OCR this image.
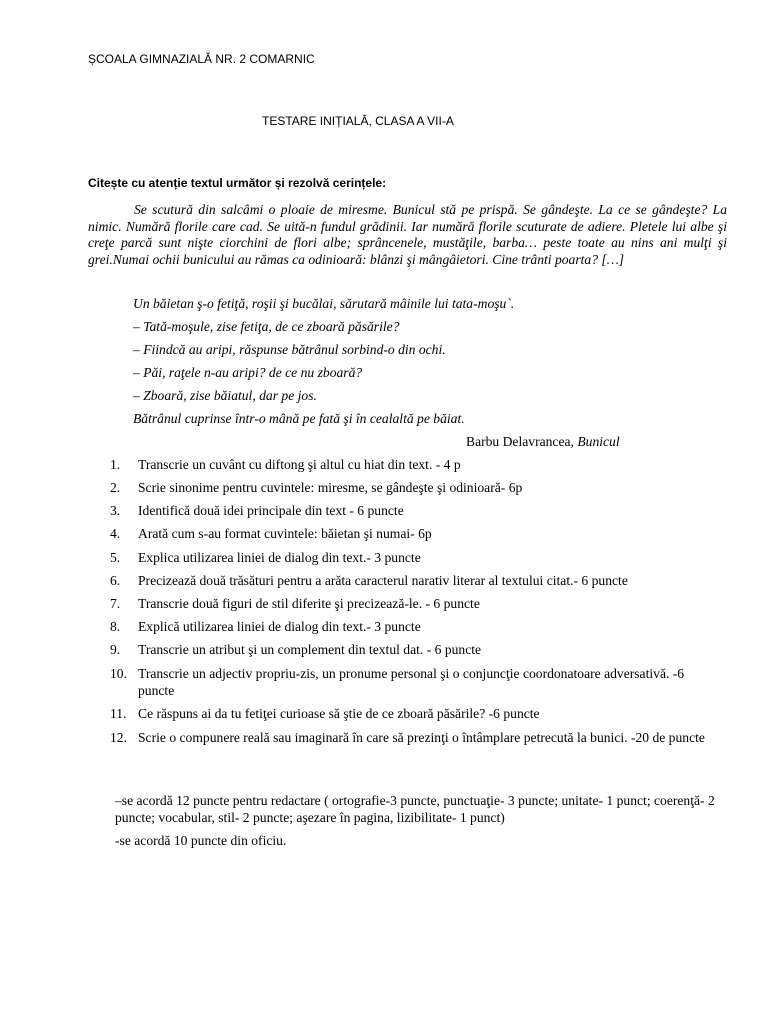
ȘCOALA GIMNAZIALĂ NR. 2 COMARNIC
TESTARE INIȚIALĂ, CLASA A VII-A
Citește cu atenție textul următor și rezolvă cerințele:

Se scutură din salcâmi o ploaie de miresme. Bunicul stă pe prispă. Se gândeşte. La ce se gândeşte? La nimic. Numără florile care cad. Se uită-n fundul grădinii. Iar numără florile scuturate de adiere. Pletele lui albe şi creţe parcă sunt nişte ciorchini de flori albe; sprâncenele, mustăţile, barba… peste toate au nins ani mulţi şi grei.Numai ochii bunicului au rămas ca odinioară: blânzi şi mângâietori. Cine trânti poarta? […]

Un băietan ş-o fetiţă, roşii şi bucălai, sărutară mâinile lui tata-moşu`.
– Tată-moşule, zise fetiţa, de ce zboară păsările?
– Fiindcă au aripi, răspunse bătrânul sorbind-o din ochi.
– Păi, raţele n-au aripi? de ce nu zboară?
– Zboară, zise băiatul, dar pe jos.
Bătrânul cuprinse într-o mână pe fată şi în cealaltă pe băiat.
Barbu Delavrancea, Bunicul
1.	Transcrie un cuvânt cu diftong şi altul cu hiat din text. - 4 p
2.	Scrie sinonime pentru cuvintele: miresme, se gândeşte şi odinioară- 6p
3.	Identifică două idei principale din text - 6 puncte
4.	Arată cum s-au format cuvintele: băietan şi numai- 6p
5.	Explica utilizarea liniei de dialog din text.- 3 puncte
6.	Precizează două trăsături pentru a arăta caracterul narativ literar al textului citat.- 6 puncte
7.	Transcrie două figuri de stil diferite şi precizează-le. - 6 puncte
8.	Explică utilizarea liniei de dialog din text.- 3 puncte
9.	Transcrie un atribut şi un complement din textul dat. - 6 puncte
10. Transcrie un adjectiv propriu-zis, un pronume personal şi o conjuncţie coordonatoare adversativă. -6 puncte
11. Ce răspuns ai da tu fetiţei curioase să ştie de ce zboară păsările? -6 puncte
12. Scrie o compunere reală sau imaginară în care să prezinţi o întâmplare petrecută la bunici. -20 de puncte
–se acordă 12 puncte pentru redactare ( ortografie-3 puncte, punctuaţie- 3 puncte; unitate- 1 punct; coerenţă- 2 puncte; vocabular, stil- 2 puncte; aşezare în pagina, lizibilitate- 1 punct)
-se acordă 10 puncte din oficiu.
